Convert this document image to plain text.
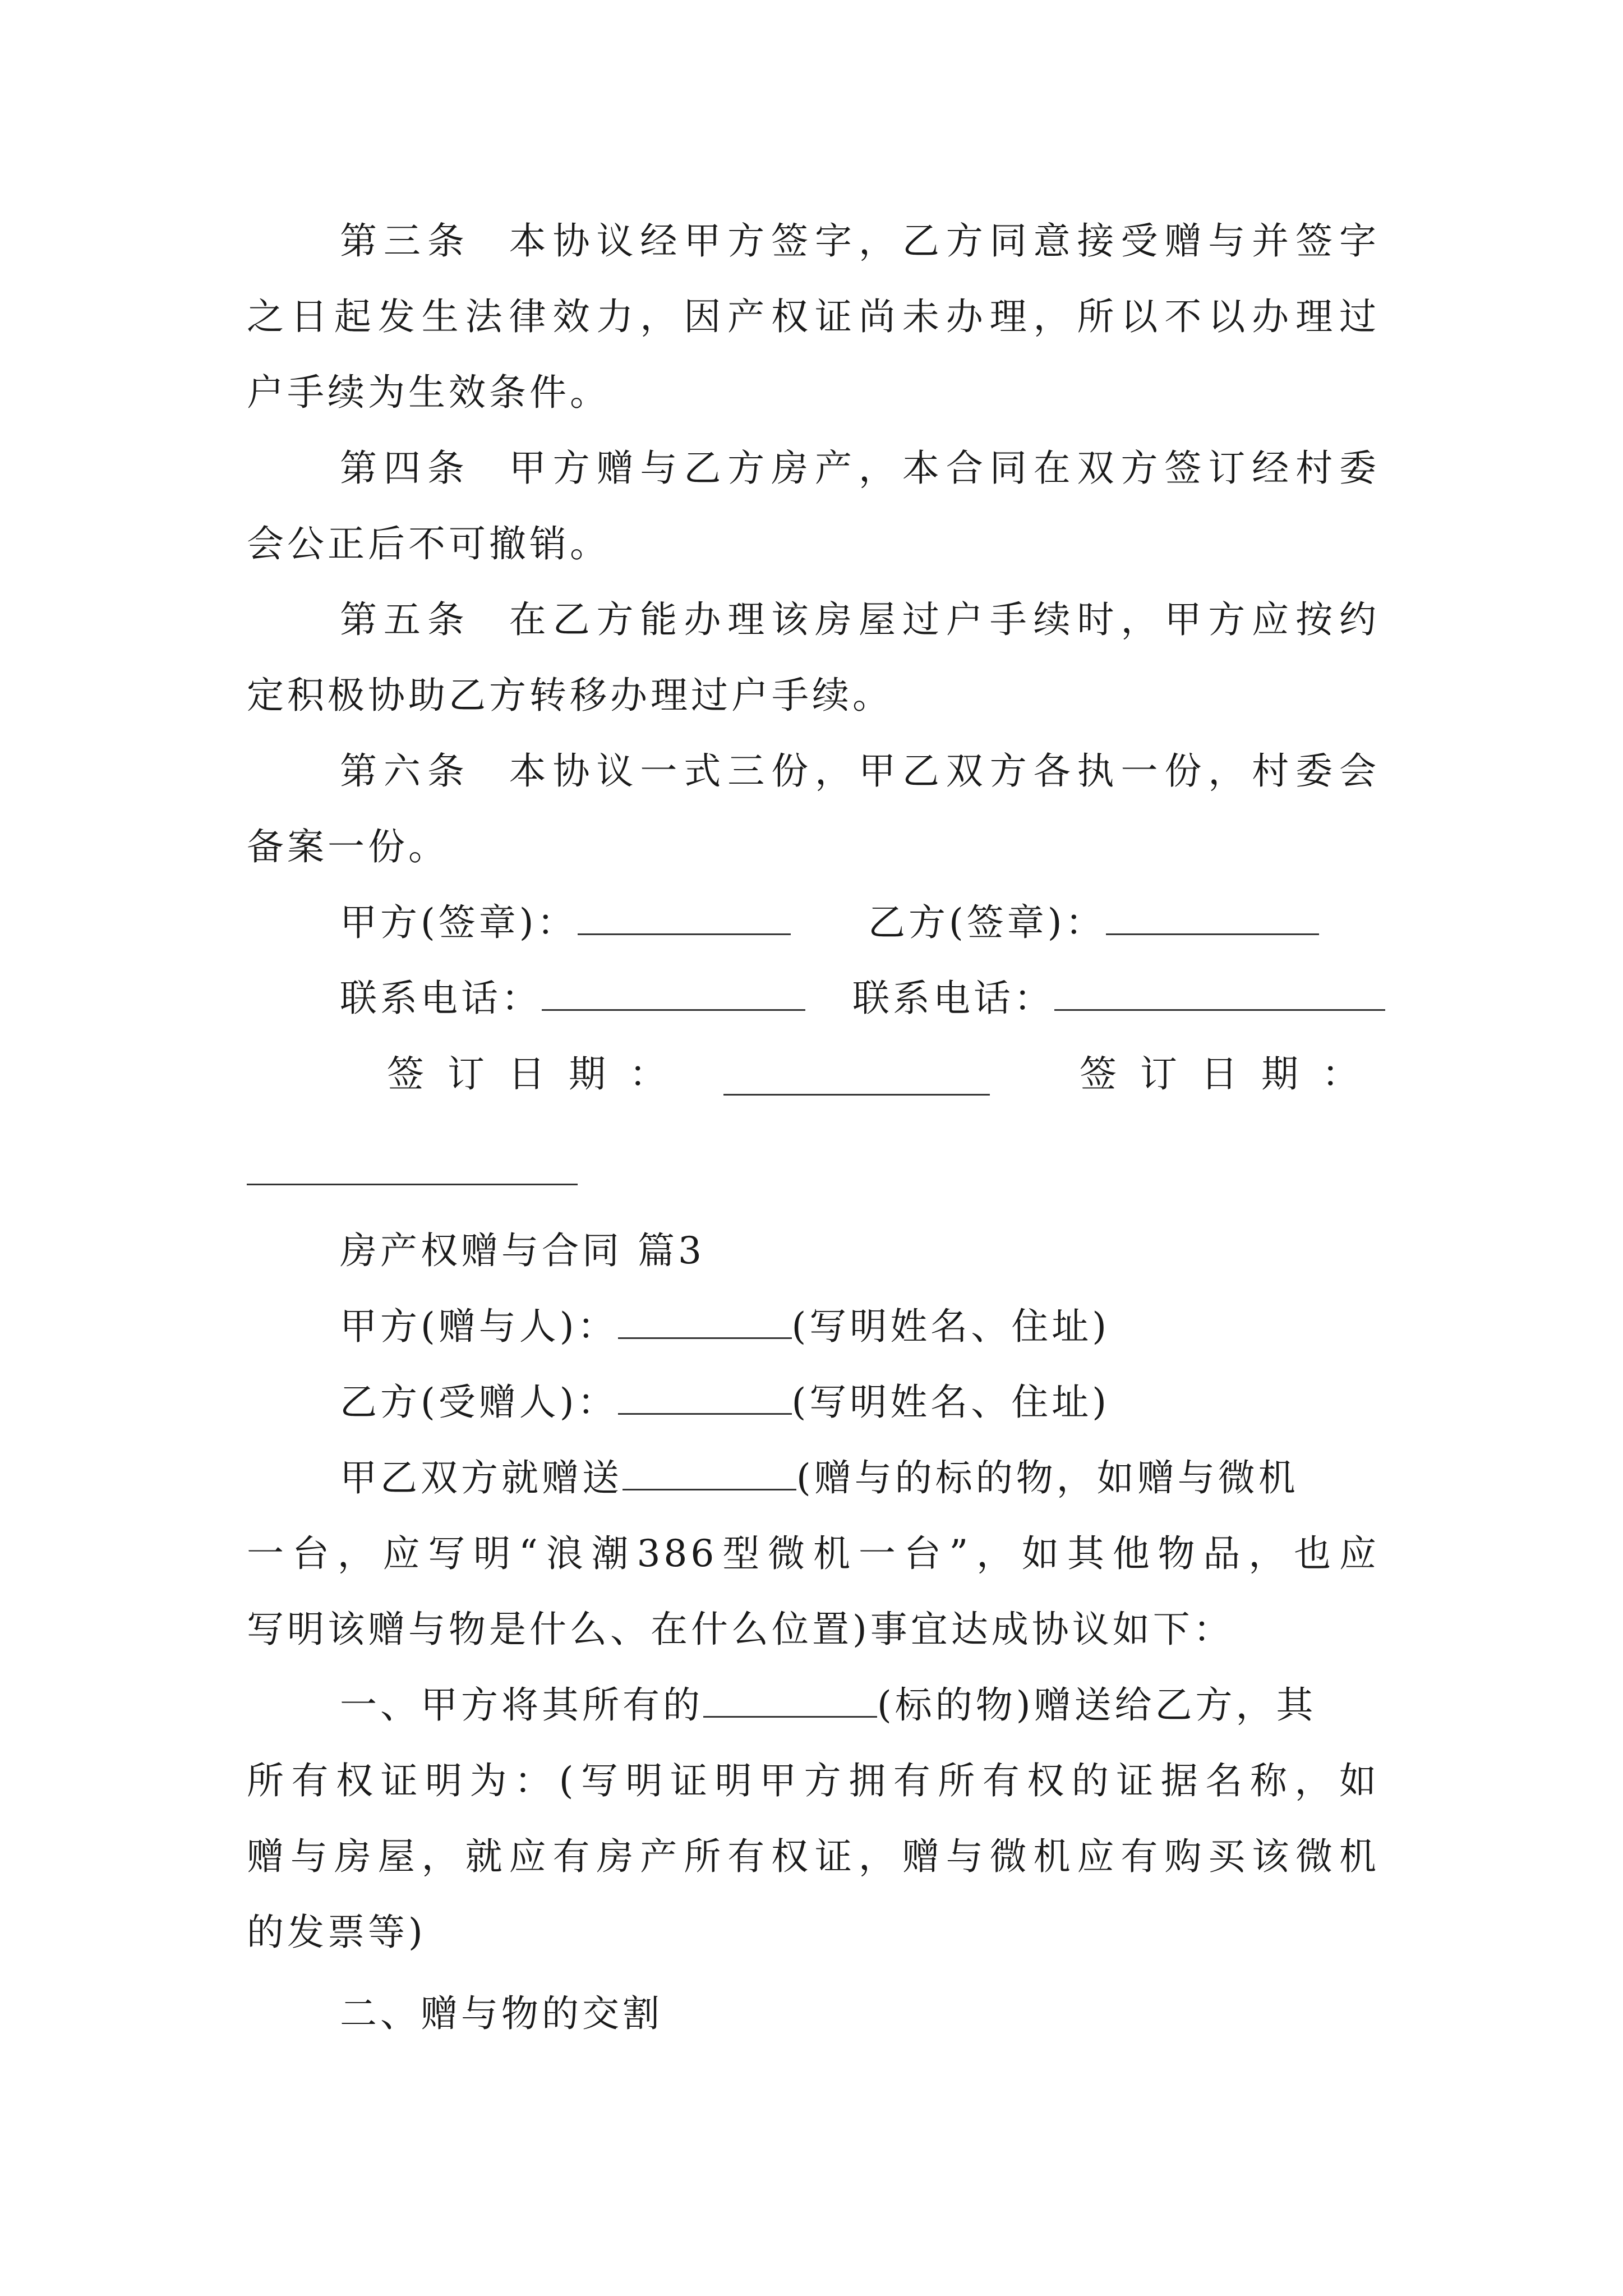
第三条 本协议经甲方签字，乙方同意接受赠与并签字
之日起发生法律效力，因产权证尚未办理，所以不以办理过
户手续为生效条件。
第四条 甲方赠与乙方房产，本合同在双方签订经村委
会公正后不可撤销。
第五条 在乙方能办理该房屋过户手续时，甲方应按约
定积极协助乙方转移办理过户手续。
第六条 本协议一式三份，甲乙双方各执一份，村委会
备案一份。
甲方(签章)：	乙方(签章)：
联系电话：	联系电话：
签订日期：	签订日期：
房产权赠与合同 篇3
甲方(赠与人)：	(写明姓名、住址)
乙方(受赠人)：	(写明姓名、住址)
甲乙双方就赠送	(赠与的标的物，如赠与微机
一台，应写明“浪潮386型微机一台”，如其他物品，也应
写明该赠与物是什么、在什么位置)事宜达成协议如下：
一、甲方将其所有的	(标的物)赠送给乙方，其
所有权证明为：(写明证明甲方拥有所有权的证据名称，如
赠与房屋，就应有房产所有权证，赠与微机应有购买该微机
的发票等)
二、赠与物的交割
